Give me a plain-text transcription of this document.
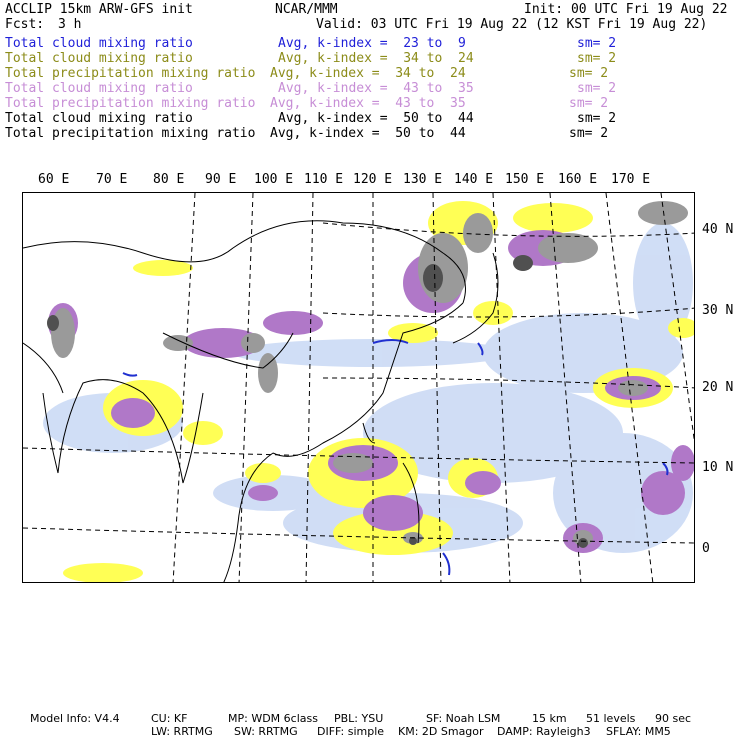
ACCLIP 15km ARW-GFS init	NCAR/MMM	Init: 00 UTC Fri 19 Aug 22
Fcst: 3 h	Valid: 03 UTC Fri 19 Aug 22 (12 KST Fri 19 Aug 22)
Total cloud mixing ratio	Avg, k-index =  23 to  9	sm= 2
Total cloud mixing ratio	Avg, k-index =  34 to  24	sm= 2
Total precipitation mixing ratio Avg, k-index =  34 to  24	sm= 2
Total cloud mixing ratio	Avg, k-index =  43 to  35	sm= 2
Total precipitation mixing ratio Avg, k-index =  43 to  35	sm= 2
Total cloud mixing ratio	Avg, k-index =  50 to  44	sm= 2
Total precipitation mixing ratio Avg, k-index =  50 to  44	sm= 2
60 E 70 E 80 E 90 E 100 E 110 E 120 E 130 E 140 E 150 E 160 E 170 E
40 N
30 N
20 N
10 N
0
Model Info: V4.4	CU: KF	MP: WDM 6class PBL: YSU	SF: Noah LSM	15 km 51 levels 90 sec
LW: RRTMG SW: RRTMG DIFF: simple KM: 2D Smagor DAMP: Rayleigh3 SFLAY: MM5
